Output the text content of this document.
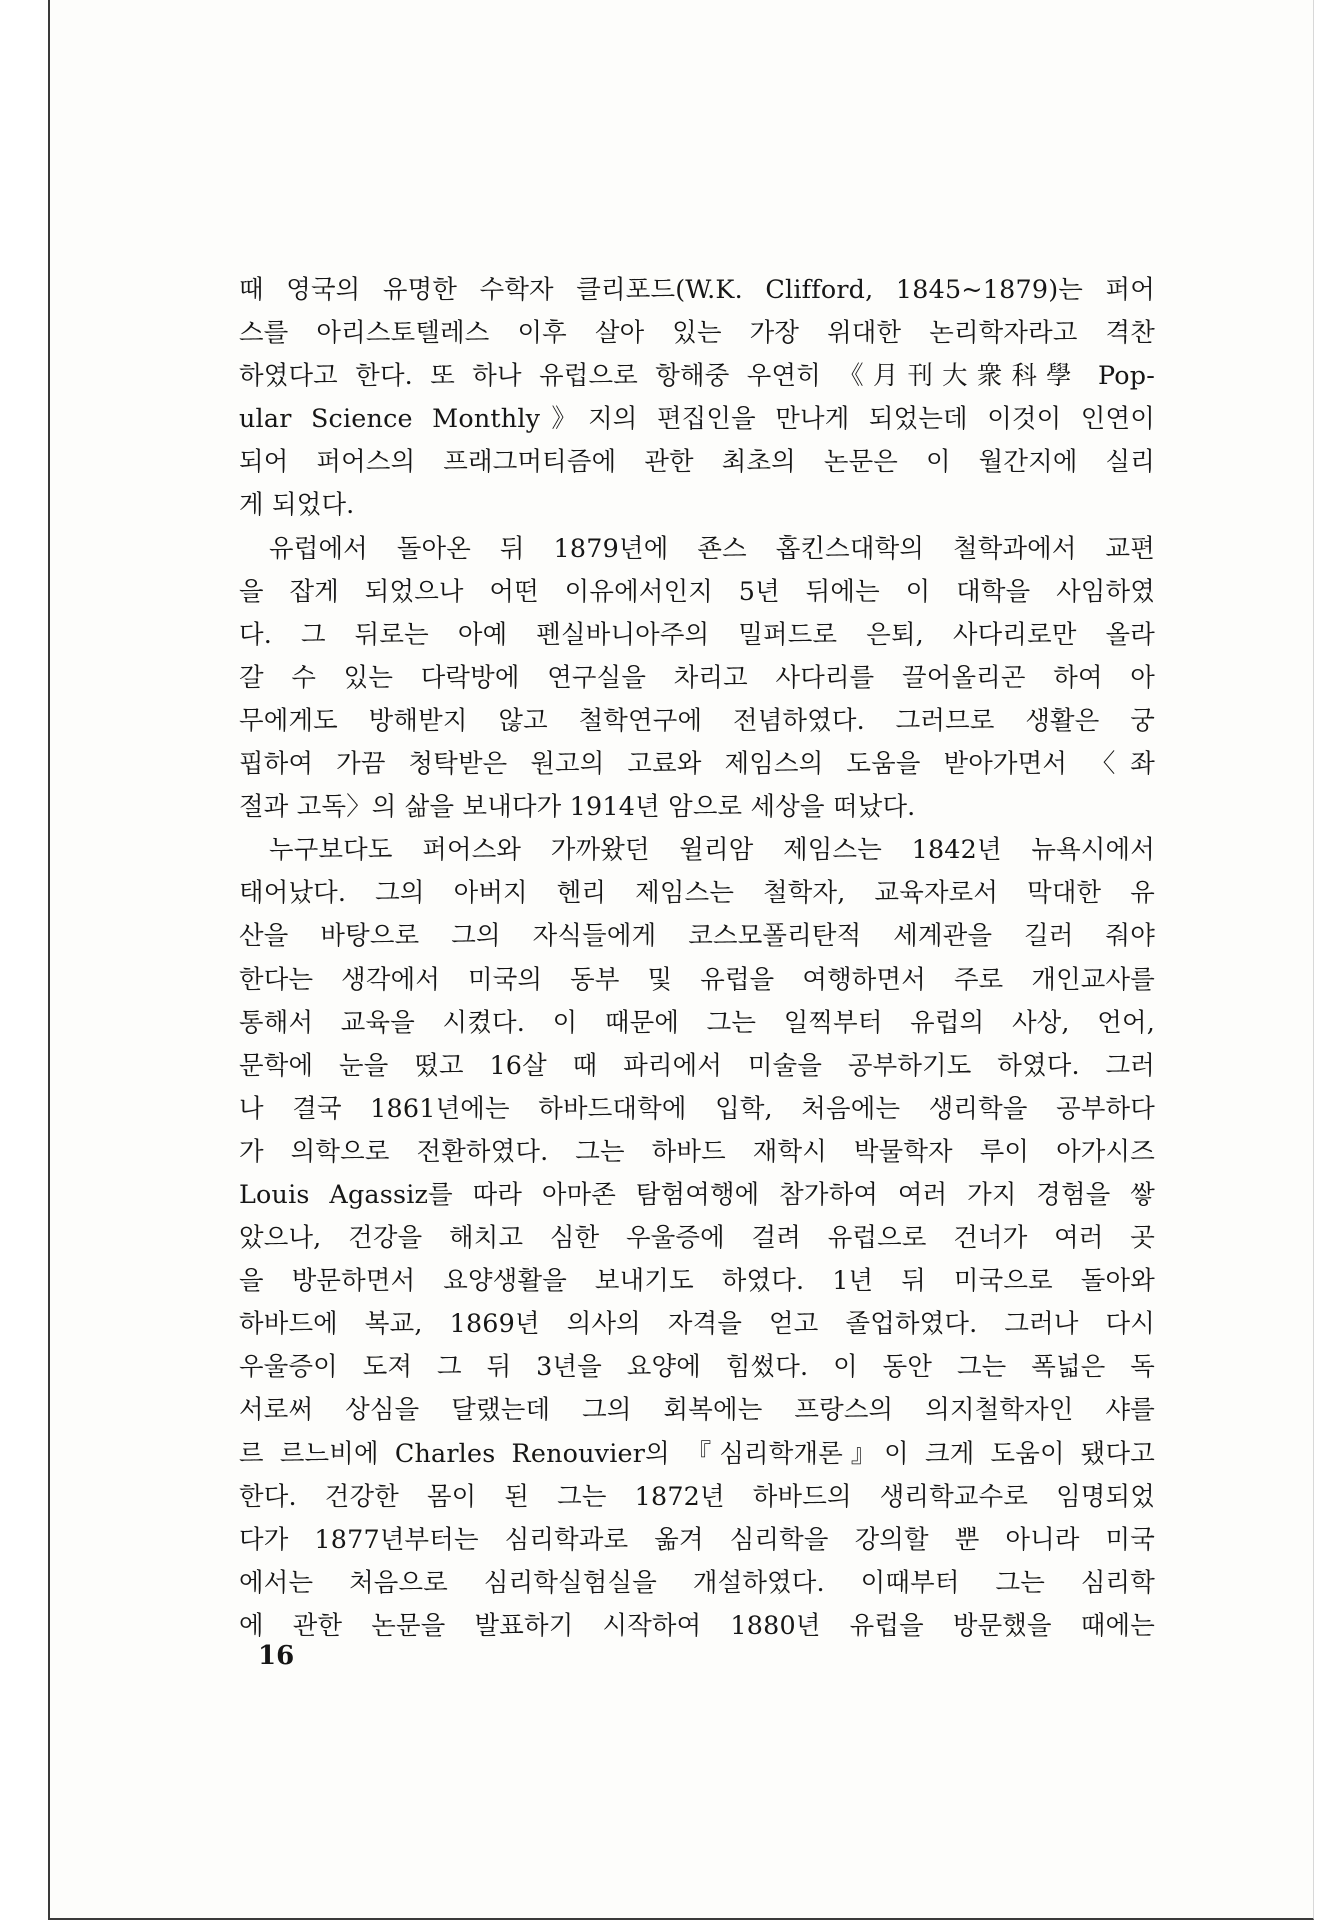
때 영국의 유명한 수학자 클리포드(W.K. Clifford, 1845~1879)는 퍼어
스를 아리스토텔레스 이후 살아 있는 가장 위대한 논리학자라고 격찬
하였다고 한다. 또 하나 유럽으로 항해중 우연히 《月刊大衆科學 Pop-
ular Science Monthly》지의 편집인을 만나게 되었는데 이것이 인연이
되어 퍼어스의 프래그머티즘에 관한 최초의 논문은 이 월간지에 실리
게 되었다.
유럽에서 돌아온 뒤 1879년에 죤스 홉킨스대학의 철학과에서 교편
을 잡게 되었으나 어떤 이유에서인지 5년 뒤에는 이 대학을 사임하였
다. 그 뒤로는 아예 펜실바니아주의 밀퍼드로 은퇴, 사다리로만 올라
갈 수 있는 다락방에 연구실을 차리고 사다리를 끌어올리곤 하여 아
무에게도 방해받지 않고 철학연구에 전념하였다. 그러므로 생활은 궁
핍하여 가끔 청탁받은 원고의 고료와 제임스의 도움을 받아가면서 〈좌
절과 고독〉의 삶을 보내다가 1914년 암으로 세상을 떠났다.
누구보다도 퍼어스와 가까왔던 윌리암 제임스는 1842년 뉴욕시에서
태어났다. 그의 아버지 헨리 제임스는 철학자, 교육자로서 막대한 유
산을 바탕으로 그의 자식들에게 코스모폴리탄적 세계관을 길러 줘야
한다는 생각에서 미국의 동부 및 유럽을 여행하면서 주로 개인교사를
통해서 교육을 시켰다. 이 때문에 그는 일찍부터 유럽의 사상, 언어,
문학에 눈을 떴고 16살 때 파리에서 미술을 공부하기도 하였다. 그러
나 결국 1861년에는 하바드대학에 입학, 처음에는 생리학을 공부하다
가 의학으로 전환하였다. 그는 하바드 재학시 박물학자 루이 아가시즈
Louis Agassiz를 따라 아마존 탐험여행에 참가하여 여러 가지 경험을 쌓
았으나, 건강을 해치고 심한 우울증에 걸려 유럽으로 건너가 여러 곳
을 방문하면서 요양생활을 보내기도 하였다. 1년 뒤 미국으로 돌아와
하바드에 복교, 1869년 의사의 자격을 얻고 졸업하였다. 그러나 다시
우울증이 도져 그 뒤 3년을 요양에 힘썼다. 이 동안 그는 폭넓은 독
서로써 상심을 달랬는데 그의 회복에는 프랑스의 의지철학자인 샤를
르 르느비에 Charles Renouvier의 『심리학개론』이 크게 도움이 됐다고
한다. 건강한 몸이 된 그는 1872년 하바드의 생리학교수로 임명되었
다가 1877년부터는 심리학과로 옮겨 심리학을 강의할 뿐 아니라 미국
에서는 처음으로 심리학실험실을 개설하였다. 이때부터 그는 심리학
에 관한 논문을 발표하기 시작하여 1880년 유럽을 방문했을 때에는
16
